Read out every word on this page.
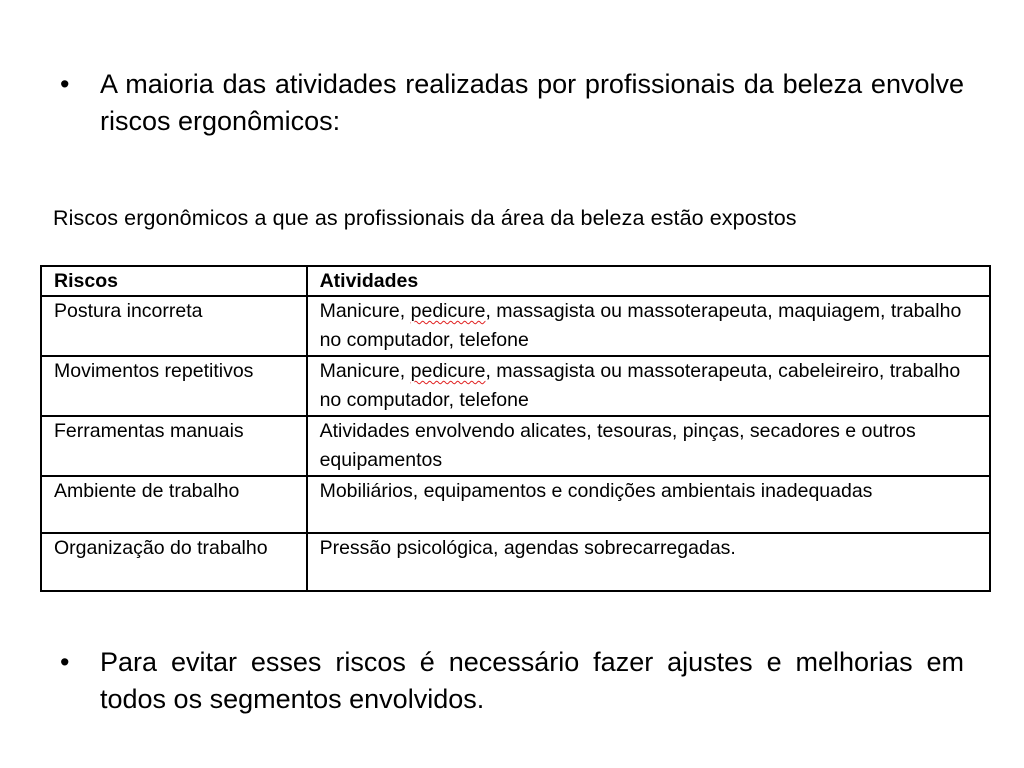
•	A maioria das atividades realizadas por profissionais da beleza envolve riscos ergonômicos:
Riscos ergonômicos a que as profissionais da área da beleza estão expostos
Riscos	Atividades
Postura incorreta	Manicure, pedicure, massagista ou massoterapeuta, maquiagem, trabalho no computador, telefone
Movimentos repetitivos	Manicure, pedicure, massagista ou massoterapeuta, cabeleireiro, trabalho no computador, telefone
Ferramentas manuais	Atividades envolvendo alicates, tesouras, pinças, secadores e outros equipamentos
Ambiente de trabalho	Mobiliários, equipamentos e condições ambientais inadequadas
Organização do trabalho	Pressão psicológica, agendas sobrecarregadas.
•	Para evitar esses riscos é necessário fazer ajustes e melhorias em todos os segmentos envolvidos.
